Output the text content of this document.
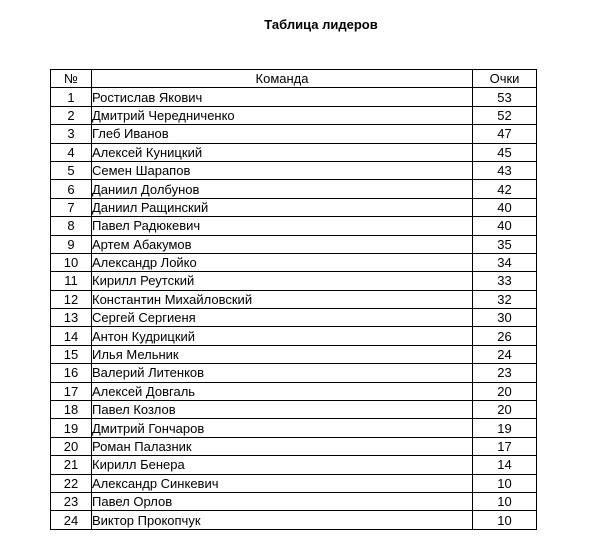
Таблица лидеров
№	Команда	Очки
1	Ростислав Якович	53
2	Дмитрий Чередниченко	52
3	Глеб Иванов	47
4	Алексей Куницкий	45
5	Семен Шарапов	43
6	Даниил Долбунов	42
7	Даниил Ращинский	40
8	Павел Радюкевич	40
9	Артем Абакумов	35
10	Александр Лойко	34
11	Кирилл Реутский	33
12	Константин Михайловский	32
13	Сергей Сергиеня	30
14	Антон Кудрицкий	26
15	Илья Мельник	24
16	Валерий Литенков	23
17	Алексей Довгаль	20
18	Павел Козлов	20
19	Дмитрий Гончаров	19
20	Роман Палазник	17
21	Кирилл Бенера	14
22	Александр Синкевич	10
23	Павел Орлов	10
24	Виктор Прокопчук	10
